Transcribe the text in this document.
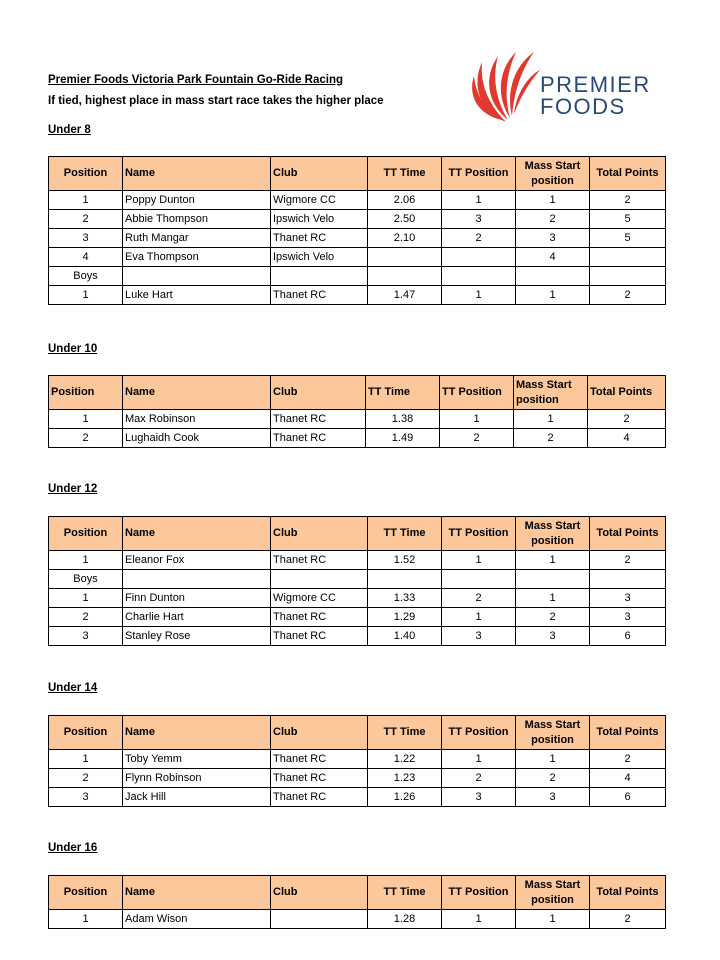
Premier Foods Victoria Park Fountain Go-Ride Racing
If tied, highest place in mass start race takes the higher place
PREMIER
FOODS
Under 8
Position	Name	Club	TT Time	TT Position	Mass Start position	Total Points
1	Poppy Dunton	Wigmore CC	2.06	1	1	2
2	Abbie Thompson	Ipswich Velo	2.50	3	2	5
3	Ruth Mangar	Thanet RC	2.10	2	3	5
4	Eva Thompson	Ipswich Velo			4	
Boys						
1	Luke Hart	Thanet RC	1.47	1	1	2
Under 10
Position	Name	Club	TT Time	TT Position	Mass Start position	Total Points
1	Max Robinson	Thanet RC	1.38	1	1	2
2	Lughaidh Cook	Thanet RC	1.49	2	2	4
Under 12
Position	Name	Club	TT Time	TT Position	Mass Start position	Total Points
1	Eleanor Fox	Thanet RC	1.52	1	1	2
Boys						
1	Finn Dunton	Wigmore CC	1.33	2	1	3
2	Charlie Hart	Thanet RC	1.29	1	2	3
3	Stanley Rose	Thanet RC	1.40	3	3	6
Under 14
Position	Name	Club	TT Time	TT Position	Mass Start position	Total Points
1	Toby Yemm	Thanet RC	1.22	1	1	2
2	Flynn Robinson	Thanet RC	1.23	2	2	4
3	Jack Hill	Thanet RC	1.26	3	3	6
Under 16
Position	Name	Club	TT Time	TT Position	Mass Start position	Total Points
1	Adam Wison		1.28	1	1	2
